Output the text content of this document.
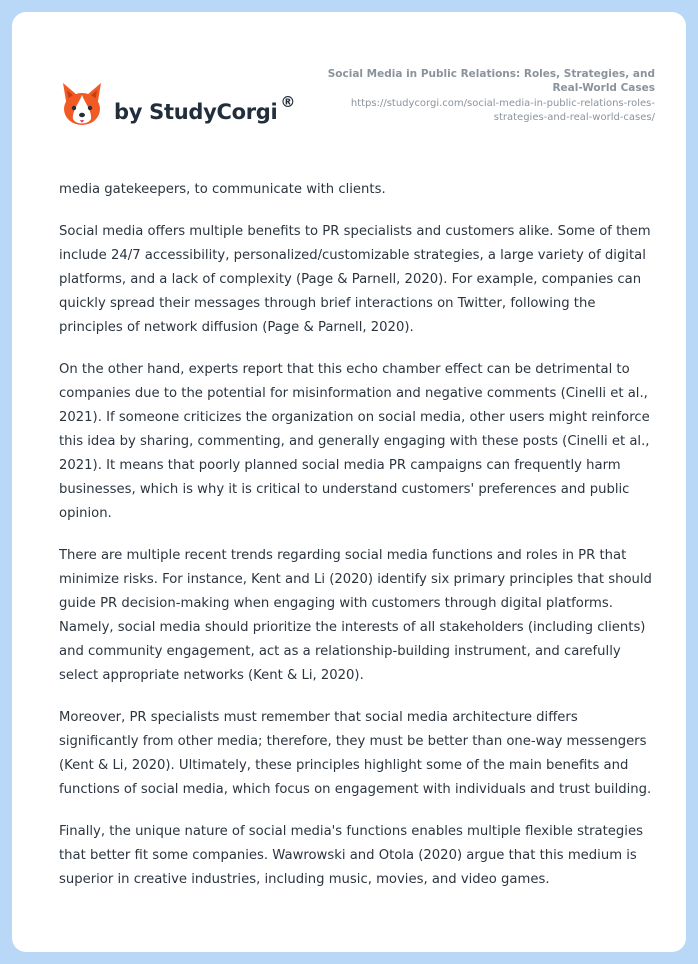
by StudyCorgi ®
Social Media in Public Relations: Roles, Strategies, and Real-World Cases
https://studycorgi.com/social-media-in-public-relations-roles-strategies-and-real-world-cases/

media gatekeepers, to communicate with clients.

Social media offers multiple benefits to PR specialists and customers alike. Some of them include 24/7 accessibility, personalized/customizable strategies, a large variety of digital platforms, and a lack of complexity (Page & Parnell, 2020). For example, companies can quickly spread their messages through brief interactions on Twitter, following the principles of network diffusion (Page & Parnell, 2020).

On the other hand, experts report that this echo chamber effect can be detrimental to companies due to the potential for misinformation and negative comments (Cinelli et al., 2021). If someone criticizes the organization on social media, other users might reinforce this idea by sharing, commenting, and generally engaging with these posts (Cinelli et al., 2021). It means that poorly planned social media PR campaigns can frequently harm businesses, which is why it is critical to understand customers' preferences and public opinion.

There are multiple recent trends regarding social media functions and roles in PR that minimize risks. For instance, Kent and Li (2020) identify six primary principles that should guide PR decision-making when engaging with customers through digital platforms. Namely, social media should prioritize the interests of all stakeholders (including clients) and community engagement, act as a relationship-building instrument, and carefully select appropriate networks (Kent & Li, 2020).

Moreover, PR specialists must remember that social media architecture differs significantly from other media; therefore, they must be better than one-way messengers (Kent & Li, 2020). Ultimately, these principles highlight some of the main benefits and functions of social media, which focus on engagement with individuals and trust building.

Finally, the unique nature of social media's functions enables multiple flexible strategies that better fit some companies. Wawrowski and Otola (2020) argue that this medium is superior in creative industries, including music, movies, and video games.
